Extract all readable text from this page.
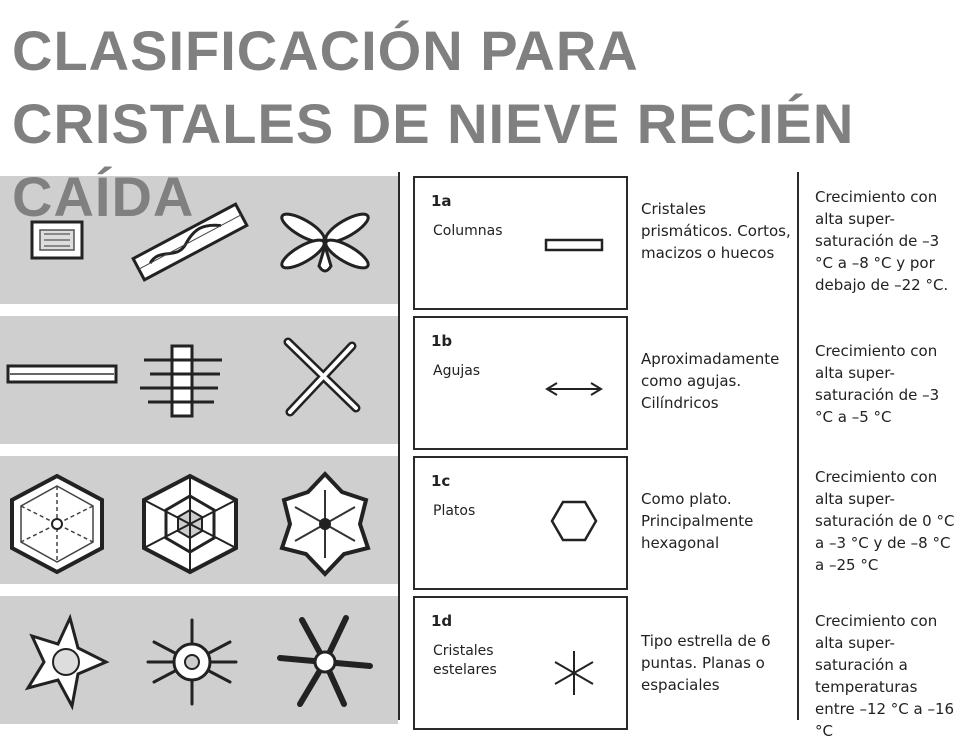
CLASIFICACIÓN PARA CRISTALES DE NIEVE RECIÉN CAÍDA	1a
Columnas
Cristales prismáticos. Cortos, macizos o huecos
Crecimiento con alta super-saturación de –3 °C a –8 °C y por debajo de –22 °C.
1b
Agujas
Aproximadamente como agujas. Cilíndricos
Crecimiento con alta super-saturación de –3 °C a –5 °C
1c
Platos
Como plato. Principalmente hexagonal
Crecimiento con alta super-saturación de 0 °C a –3 °C y de –8 °C a –25 °C
1d
Cristales estelares
Tipo estrella de 6 puntas. Planas o espaciales
Crecimiento con alta super-saturación a temperaturas entre –12 °C a –16 °C
